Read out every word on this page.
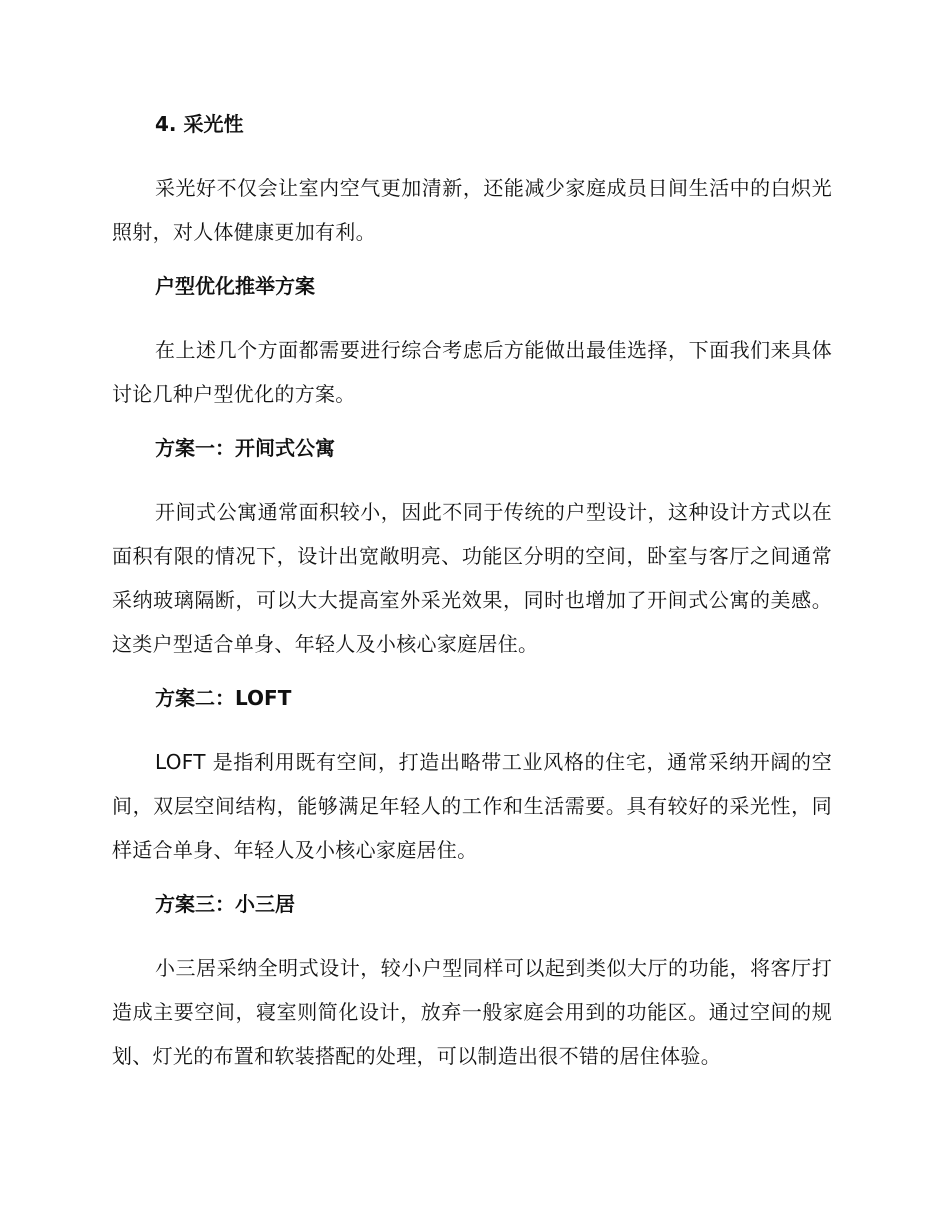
4. 采光性

采光好不仅会让室内空气更加清新，还能减少家庭成员日间生活中的白炽光照射，对人体健康更加有利。

户型优化推举方案

在上述几个方面都需要进行综合考虑后方能做出最佳选择，下面我们来具体讨论几种户型优化的方案。

方案一：开间式公寓

开间式公寓通常面积较小，因此不同于传统的户型设计，这种设计方式以在面积有限的情况下，设计出宽敞明亮、功能区分明的空间，卧室与客厅之间通常采纳玻璃隔断，可以大大提高室外采光效果，同时也增加了开间式公寓的美感。这类户型适合单身、年轻人及小核心家庭居住。

方案二：LOFT

LOFT 是指利用既有空间，打造出略带工业风格的住宅，通常采纳开阔的空间，双层空间结构，能够满足年轻人的工作和生活需要。具有较好的采光性，同样适合单身、年轻人及小核心家庭居住。

方案三：小三居

小三居采纳全明式设计，较小户型同样可以起到类似大厅的功能，将客厅打造成主要空间，寝室则简化设计，放弃一般家庭会用到的功能区。通过空间的规划、灯光的布置和软装搭配的处理，可以制造出很不错的居住体验。
